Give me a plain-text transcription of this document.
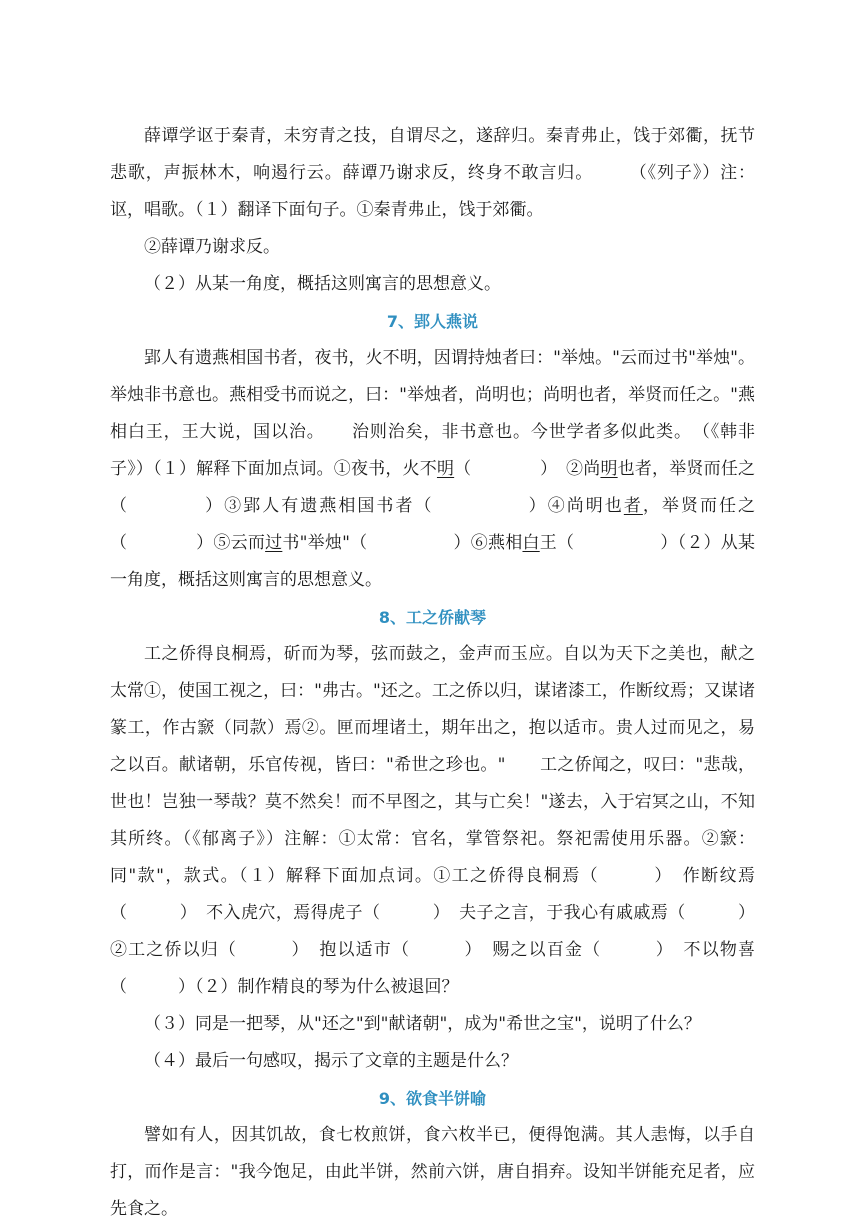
薛谭学讴于秦青，未穷青之技，自谓尽之，遂辞归。秦青弗止，饯于郊衢，抚节悲歌，声振林木，响遏行云。薛谭乃谢求反，终身不敢言归。　　　（《列子》）注：讴，唱歌。（１）翻译下面句子。①秦青弗止，饯于郊衢。

②薛谭乃谢求反。

（２）从某一角度，概括这则寓言的思想意义。

7、郢人燕说

郢人有遗燕相国书者，夜书，火不明，因谓持烛者曰："举烛。"云而过书"举烛"。举烛非书意也。燕相受书而说之，曰："举烛者，尚明也；尚明也者，举贤而任之。"燕相白王，王大说，国以治。　　治则治矣，非书意也。今世学者多似此类。　（《韩非子》）（１）解释下面加点词。①夜书，火不明（　　　　）　②尚明也者，举贤而任之（　　　　）③郢人有遗燕相国书者（　　　　　）④尚明也者，举贤而任之（　　　　）⑤云而过书"举烛"（　　　　　）⑥燕相白王（　　　　　）（２）从某一角度，概括这则寓言的思想意义。

8、工之侨献琴

工之侨得良桐焉，斫而为琴，弦而鼓之，金声而玉应。自以为天下之美也，献之太常①，使国工视之，曰："弗古。"还之。工之侨以归，谋诸漆工，作断纹焉；又谋诸篆工，作古窾（同款）焉②。匣而埋诸土，期年出之，抱以适市。贵人过而见之，易之以百。献诸朝，乐官传视，皆曰："希世之珍也。"　　工之侨闻之，叹曰："悲哉，世也！岂独一琴哉？莫不然矣！而不早图之，其与亡矣！"遂去，入于宕冥之山，不知其所终。（《郁离子》）注解：①太常：官名，掌管祭祀。祭祀需使用乐器。②窾：同"款"，款式。（１）解释下面加点词。①工之侨得良桐焉（　　　）　作断纹焉（　　　）　不入虎穴，焉得虎子（　　　）　夫子之言，于我心有戚戚焉（　　　）②工之侨以归（　　　）　抱以适市（　　　）　赐之以百金（　　　）　不以物喜（　　　）（２）制作精良的琴为什么被退回？

（３）同是一把琴，从"还之"到"献诸朝"，成为"希世之宝"，说明了什么？

（４）最后一句感叹，揭示了文章的主题是什么？

9、欲食半饼喻

譬如有人，因其饥故，食七枚煎饼，食六枚半已，便得饱满。其人恚悔，以手自打，而作是言："我今饱足，由此半饼，然前六饼，唐自捐弃。设知半饼能充足者，应先食之。
